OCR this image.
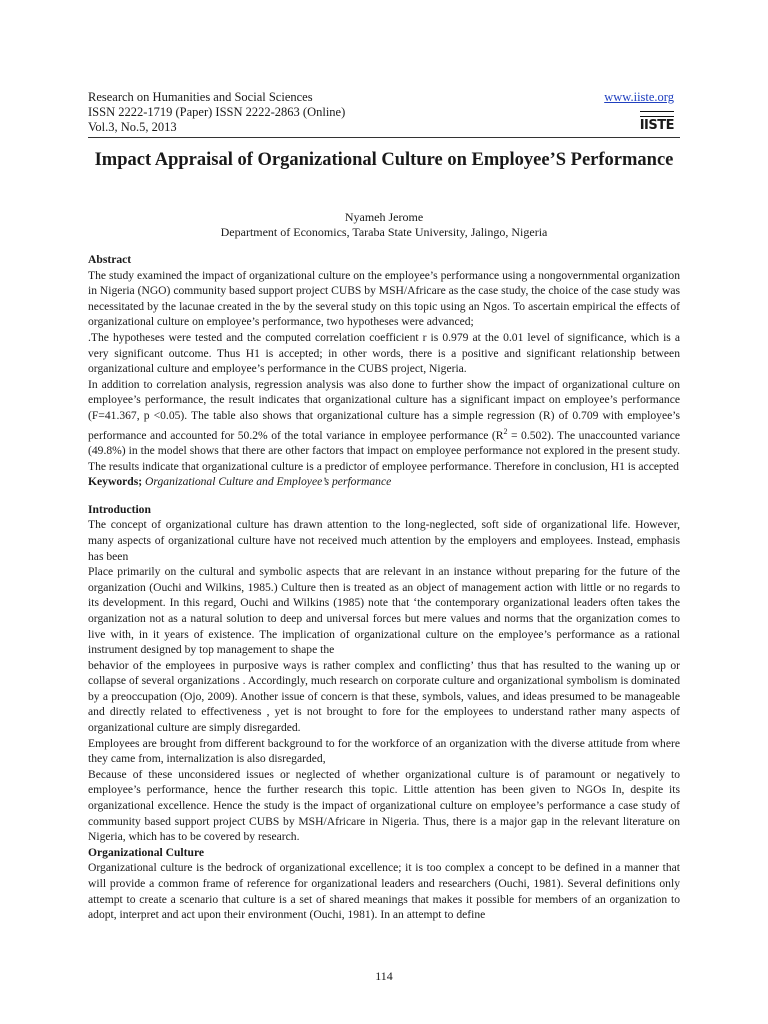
Research on Humanities and Social Sciences
ISSN 2222-1719 (Paper) ISSN 2222-2863 (Online)
Vol.3, No.5, 2013
www.iiste.org
IISTE
Impact Appraisal of Organizational Culture on Employee’S Performance
Nyameh Jerome
Department of Economics, Taraba State University, Jalingo, Nigeria

Abstract

The study examined the impact of organizational culture on the employee’s performance using a nongovernmental organization in Nigeria (NGO) community based support project CUBS by MSH/Africare as the case study, the choice of the case study was necessitated by the lacunae created in the by the several study on this topic using an Ngos. To ascertain empirical the effects of organizational culture on employee’s performance, two hypotheses were advanced;

.The hypotheses were tested and the computed correlation coefficient r is 0.979 at the 0.01 level of significance, which is a very significant outcome. Thus H1 is accepted; in other words, there is a positive and significant relationship between organizational culture and employee’s performance in the CUBS project, Nigeria.

In addition to correlation analysis, regression analysis was also done to further show the impact of organizational culture on employee’s performance, the result indicates that organizational culture has a significant impact on employee’s performance (F=41.367, p <0.05). The table also shows that organizational culture has a simple regression (R) of 0.709 with employee’s performance and accounted for 50.2% of the total variance in employee performance $(R^2 = 0.502)$. The unaccounted variance (49.8%) in the model shows that there are other factors that impact on employee performance not explored in the present study. The results indicate that organizational culture is a predictor of employee performance. Therefore in conclusion, H1 is accepted

Keywords; Organizational Culture and Employee’s performance

Introduction

The concept of organizational culture has drawn attention to the long-neglected, soft side of organizational life. However, many aspects of organizational culture have not received much attention by the employers and employees. Instead, emphasis has been

Place primarily on the cultural and symbolic aspects that are relevant in an instance without preparing for the future of the organization (Ouchi and Wilkins, 1985.) Culture then is treated as an object of management action with little or no regards to its development. In this regard, Ouchi and Wilkins (1985) note that ‘the contemporary organizational leaders often takes the organization not as a natural solution to deep and universal forces but mere values and norms that the organization comes to live with, in it years of existence. The implication of organizational culture on the employee’s performance as a rational instrument designed by top management to shape the

behavior of the employees in purposive ways is rather complex and conflicting’ thus that has resulted to the waning up or collapse of several organizations . Accordingly, much research on corporate culture and organizational symbolism is dominated by a preoccupation (Ojo, 2009). Another issue of concern is that these, symbols, values, and ideas presumed to be manageable and directly related to effectiveness , yet is not brought to fore for the employees to understand rather many aspects of organizational culture are simply disregarded.

Employees are brought from different background to for the workforce of an organization with the diverse attitude from where they came from, internalization is also disregarded,

Because of these unconsidered issues or neglected of whether organizational culture is of paramount or negatively to employee’s performance, hence the further research this topic. Little attention has been given to NGOs In, despite its organizational excellence. Hence the study is the impact of organizational culture on employee’s performance a case study of community based support project CUBS by MSH/Africare in Nigeria. Thus, there is a major gap in the relevant literature on Nigeria, which has to be covered by research.

Organizational Culture

Organizational culture is the bedrock of organizational excellence; it is too complex a concept to be defined in a manner that will provide a common frame of reference for organizational leaders and researchers (Ouchi, 1981). Several definitions only attempt to create a scenario that culture is a set of shared meanings that makes it possible for members of an organization to adopt, interpret and act upon their environment (Ouchi, 1981). In an attempt to define

114
